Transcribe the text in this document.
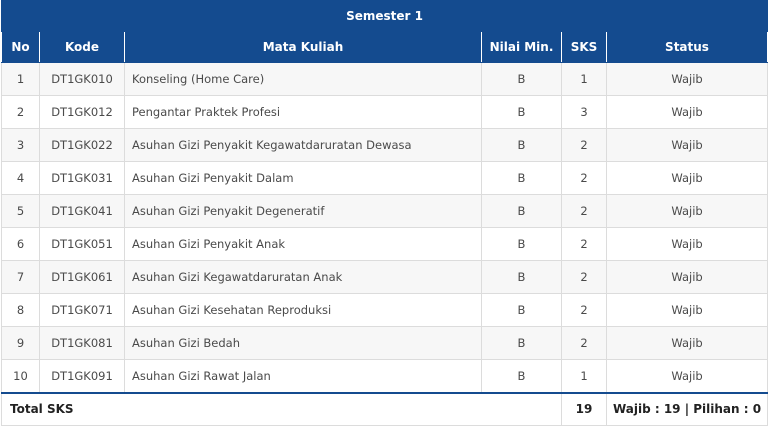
Semester 1					
No	Kode	Mata Kuliah	Nilai Min.	SKS	Status
1	DT1GK010	Konseling (Home Care)	B	1	Wajib
2	DT1GK012	Pengantar Praktek Profesi	B	3	Wajib
3	DT1GK022	Asuhan Gizi Penyakit Kegawatdaruratan Dewasa	B	2	Wajib
4	DT1GK031	Asuhan Gizi Penyakit Dalam	B	2	Wajib
5	DT1GK041	Asuhan Gizi Penyakit Degeneratif	B	2	Wajib
6	DT1GK051	Asuhan Gizi Penyakit Anak	B	2	Wajib
7	DT1GK061	Asuhan Gizi Kegawatdaruratan Anak	B	2	Wajib
8	DT1GK071	Asuhan Gizi Kesehatan Reproduksi	B	2	Wajib
9	DT1GK081	Asuhan Gizi Bedah	B	2	Wajib
10	DT1GK091	Asuhan Gizi Rawat Jalan	B	1	Wajib
Total SKS				19	Wajib : 19 | Pilihan : 0
